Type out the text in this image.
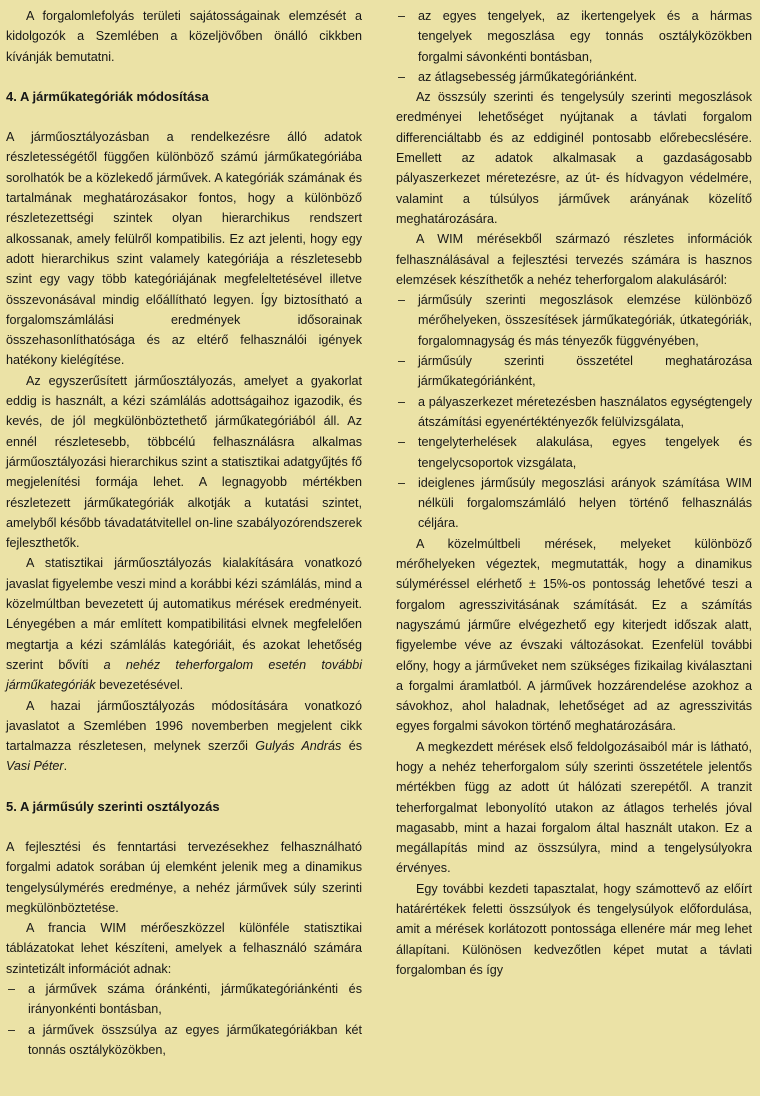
A forgalomlefolyás területi sajátosságainak elemzését a kidolgozók a Szemlében a közeljövőben önálló cikkben kívánják bemutatni.

4. A járműkategóriák módosítása

A járműosztályozásban a rendelkezésre álló adatok részletességétől függően különböző számú járműkategóriába sorolhatók be a közlekedő járművek. A kategóriák számának és tartalmának meghatározásakor fontos, hogy a különböző részletezettségi szintek olyan hierarchikus rendszert alkossanak, amely felülről kompatibilis. Ez azt jelenti, hogy egy adott hierarchikus szint valamely kategóriája a részletesebb szint egy vagy több kategóriájának megfeleltetésével illetve összevonásával mindig előállítható legyen. Így biztosítható a forgalomszámlálási eredmények idősorainak összehasonlíthatósága és az eltérő felhasználói igények hatékony kielégítése.

Az egyszerűsített járműosztályozás, amelyet a gyakorlat eddig is használt, a kézi számlálás adottságaihoz igazodik, és kevés, de jól megkülönböztethető járműkategóriából áll. Az ennél részletesebb, többcélú felhasználásra alkalmas járműosztályozási hierarchikus szint a statisztikai adatgyűjtés fő megjelenítési formája lehet. A legnagyobb mértékben részletezett járműkategóriák alkotják a kutatási szintet, amelyből később távadatátvitellel on-line szabályozórendszerek fejleszthetők.

A statisztikai járműosztályozás kialakítására vonatkozó javaslat figyelembe veszi mind a korábbi kézi számlálás, mind a közelmúltban bevezetett új automatikus mérések eredményeit. Lényegében a már említett kompatibilitási elvnek megfelelően megtartja a kézi számlálás kategóriáit, és azokat lehetőség szerint bővíti a nehéz teherforgalom esetén további járműkategóriák bevezetésével.

A hazai járműosztályozás módosítására vonatkozó javaslatot a Szemlében 1996 novemberben megjelent cikk tartalmazza részletesen, melynek szerzői Gulyás András és Vasi Péter.

5. A járműsúly szerinti osztályozás

A fejlesztési és fenntartási tervezésekhez felhasználható forgalmi adatok sorában új elemként jelenik meg a dinamikus tengelysúlymérés eredménye, a nehéz járművek súly szerinti megkülönböztetése.

A francia WIM mérőeszközzel különféle statisztikai táblázatokat lehet készíteni, amelyek a felhasználó számára szintetizált információt adnak:

– a járművek száma óránkénti, járműkategóriánkénti és irányonkénti bontásban,
– a járművek összsúlya az egyes járműkategóriákban két tonnás osztályközökben,
– az egyes tengelyek, az ikertengelyek és a hármas tengelyek megoszlása egy tonnás osztályközökben forgalmi sávonkénti bontásban,
– az átlagsebesség járműkategóriánként.

Az összsúly szerinti és tengelysúly szerinti megoszlások eredményei lehetőséget nyújtanak a távlati forgalom differenciáltabb és az eddiginél pontosabb előrebecslésére. Emellett az adatok alkalmasak a gazdaságosabb pályaszerkezet méretezésre, az út- és hídvagyon védelmére, valamint a túlsúlyos járművek arányának közelítő meghatározására.

A WIM mérésekből származó részletes információk felhasználásával a fejlesztési tervezés számára is hasznos elemzések készíthetők a nehéz teherforgalom alakulásáról:

– járműsúly szerinti megoszlások elemzése különböző mérőhelyeken, összesítések járműkategóriák, útkategóriák, forgalomnagyság és más tényezők függvényében,
– járműsúly szerinti összetétel meghatározása járműkategóriánként,
– a pályaszerkezet méretezésben használatos egységtengely átszámítási egyenértéktényezők felülvizsgálata,
– tengelyterhelések alakulása, egyes tengelyek és tengelycsoportok vizsgálata,
– ideiglenes járműsúly megoszlási arányok számítása WIM nélküli forgalomszámláló helyen történő felhasználás céljára.

A közelmúltbeli mérések, melyeket különböző mérőhelyeken végeztek, megmutatták, hogy a dinamikus súlyméréssel elérhető ± 15%-os pontosság lehetővé teszi a forgalom agresszivitásának számítását. Ez a számítás nagyszámú járműre elvégezhető egy kiterjedt időszak alatt, figyelembe véve az évszaki változásokat. Ezenfelül további előny, hogy a járműveket nem szükséges fizikailag kiválasztani a forgalmi áramlatból. A járművek hozzárendelése azokhoz a sávokhoz, ahol haladnak, lehetőséget ad az agresszivitás egyes forgalmi sávokon történő meghatározására.

A megkezdett mérések első feldolgozásaiból már is látható, hogy a nehéz teherforgalom súly szerinti összetétele jelentős mértékben függ az adott út hálózati szerepétől. A tranzit teherforgalmat lebonyolító utakon az átlagos terhelés jóval magasabb, mint a hazai forgalom által használt utakon. Ez a megállapítás mind az összsúlyra, mind a tengelysúlyokra érvényes.

Egy további kezdeti tapasztalat, hogy számottevő az előírt határértékek feletti összsúlyok és tengelysúlyok előfordulása, amit a mérések korlátozott pontossága ellenére már meg lehet állapítani. Különösen kedvezőtlen képet mutat a távlati forgalomban és így
